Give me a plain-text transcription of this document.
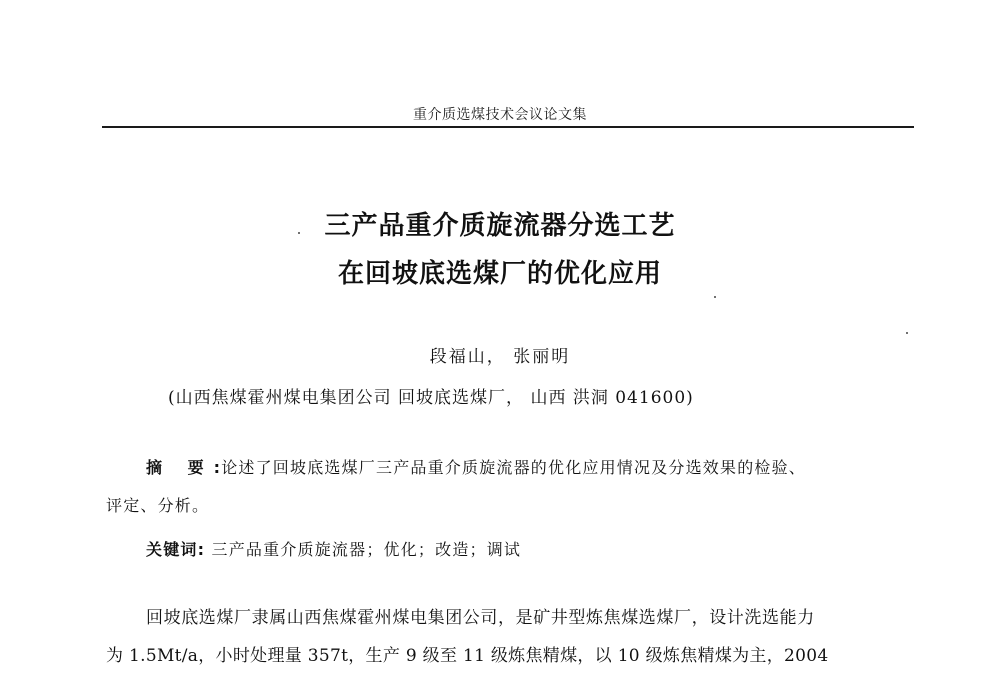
重介质选煤技术会议论文集
三产品重介质旋流器分选工艺
在回坡底选煤厂的优化应用
段福山， 张丽明
(山西焦煤霍州煤电集团公司 回坡底选煤厂， 山西 洪洞 041600)
摘 要:论述了回坡底选煤厂三产品重介质旋流器的优化应用情况及分选效果的检验、
评定、分析。
关键词: 三产品重介质旋流器；优化；改造；调试
回坡底选煤厂隶属山西焦煤霍州煤电集团公司，是矿井型炼焦煤选煤厂，设计洗选能力
为 1.5Mt/a，小时处理量 357t，生产 9 级至 11 级炼焦精煤，以 10 级炼焦精煤为主，2004
